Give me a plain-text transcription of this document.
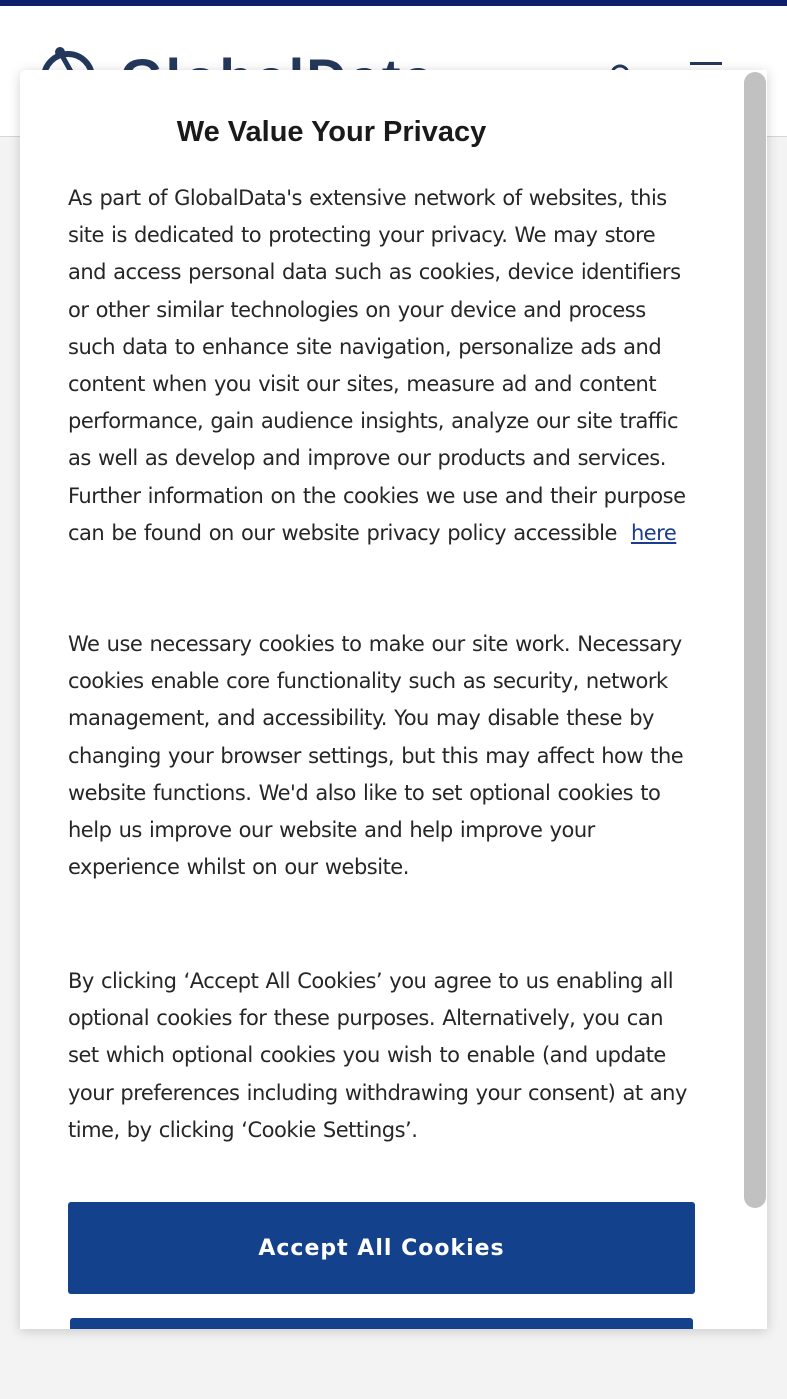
We Value Your Privacy

As part of GlobalData's extensive network of websites, this site is dedicated to protecting your privacy. We may store and access personal data such as cookies, device identifiers or other similar technologies on your device and process such data to enhance site navigation, personalize ads and content when you visit our sites, measure ad and content performance, gain audience insights, analyze our site traffic as well as develop and improve our products and services. Further information on the cookies we use and their purpose can be found on our website privacy policy accessible here

We use necessary cookies to make our site work. Necessary cookies enable core functionality such as security, network management, and accessibility. You may disable these by changing your browser settings, but this may affect how the website functions. We'd also like to set optional cookies to help us improve our website and help improve your experience whilst on our website.

By clicking ‘Accept All Cookies’ you agree to us enabling all optional cookies for these purposes. Alternatively, you can set which optional cookies you wish to enable (and update your preferences including withdrawing your consent) at any time, by clicking ‘Cookie Settings’.

Accept All Cookies
